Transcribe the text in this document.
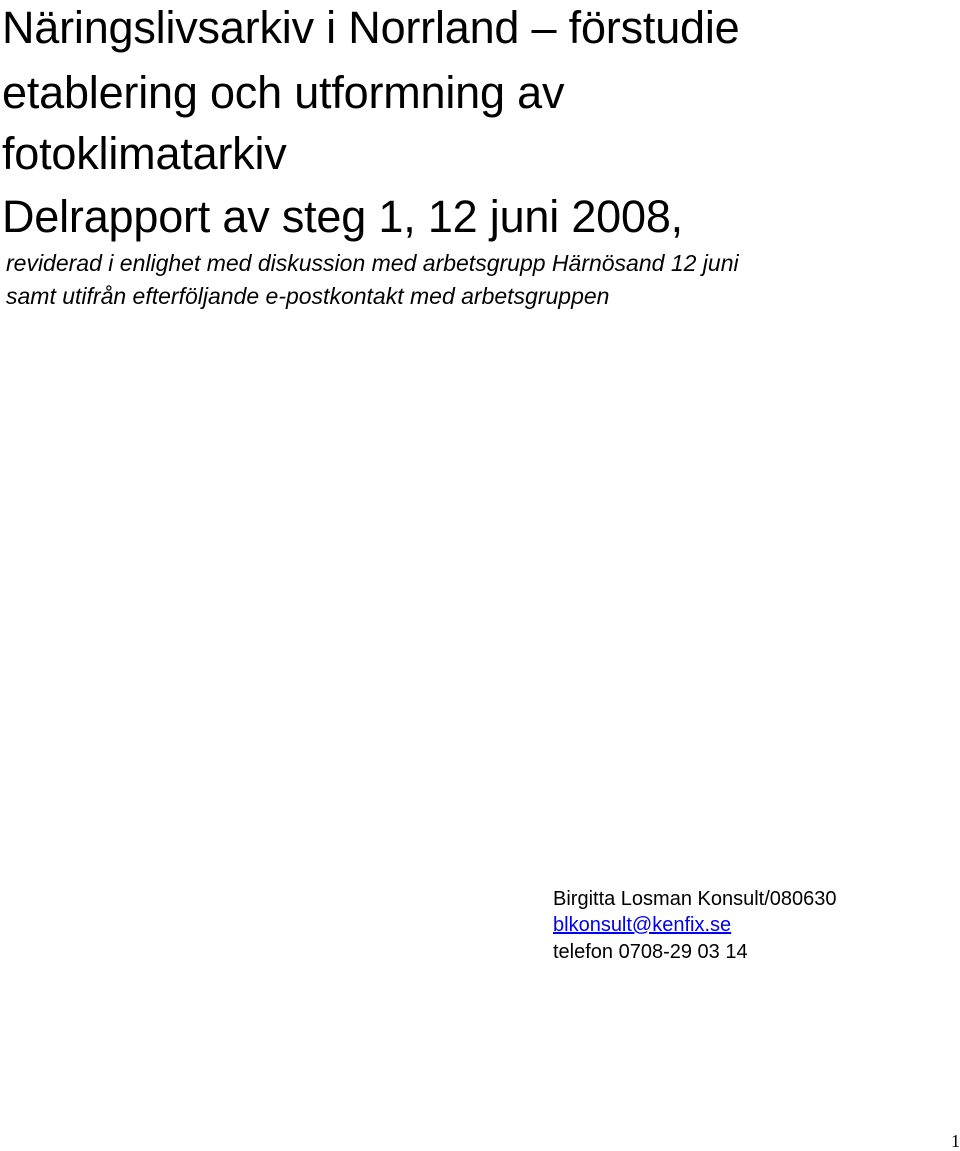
Näringslivsarkiv i Norrland – förstudie
etablering och utformning av
fotoklimatarkiv
Delrapport av steg 1, 12 juni 2008,

reviderad i enlighet med diskussion med arbetsgrupp Härnösand 12 juni

samt utifrån efterföljande e-postkontakt med arbetsgruppen

Birgitta Losman Konsult/080630
blkonsult@kenfix.se
telefon 0708-29 03 14
1
